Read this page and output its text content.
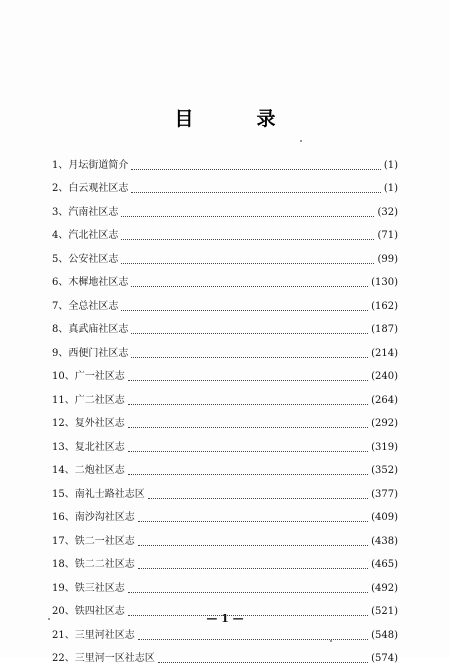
目　录
1 、 月坛街道简介	(1)
2 、 白云观社区志	(1)
3 、 汽南社区志	(32)
4 、 汽北社区志	(71)
5 、 公安社区志	(99)
6 、 木樨地社区志	(130)
7 、 全总社区志	(162)
8 、 真武庙社区志	(187)
9 、 西便门社区志	(214)
10 、 广一社区志	(240)
11 、 广二社区志	(264)
12 、 复外社区志	(292)
13 、 复北社区志	(319)
14 、 二炮社区志	(352)
15 、 南礼士路社志区	(377)
16 、 南沙沟社区志	(409)
17 、 铁二一社区志	(438)
18 、 铁二二社区志	(465)
19 、 铁三社区志	(492)
20 、 铁四社区志	(521)
21 、 三里河社区志	(548)
22 、 三里河一区社志区	(574)
— 1 —
